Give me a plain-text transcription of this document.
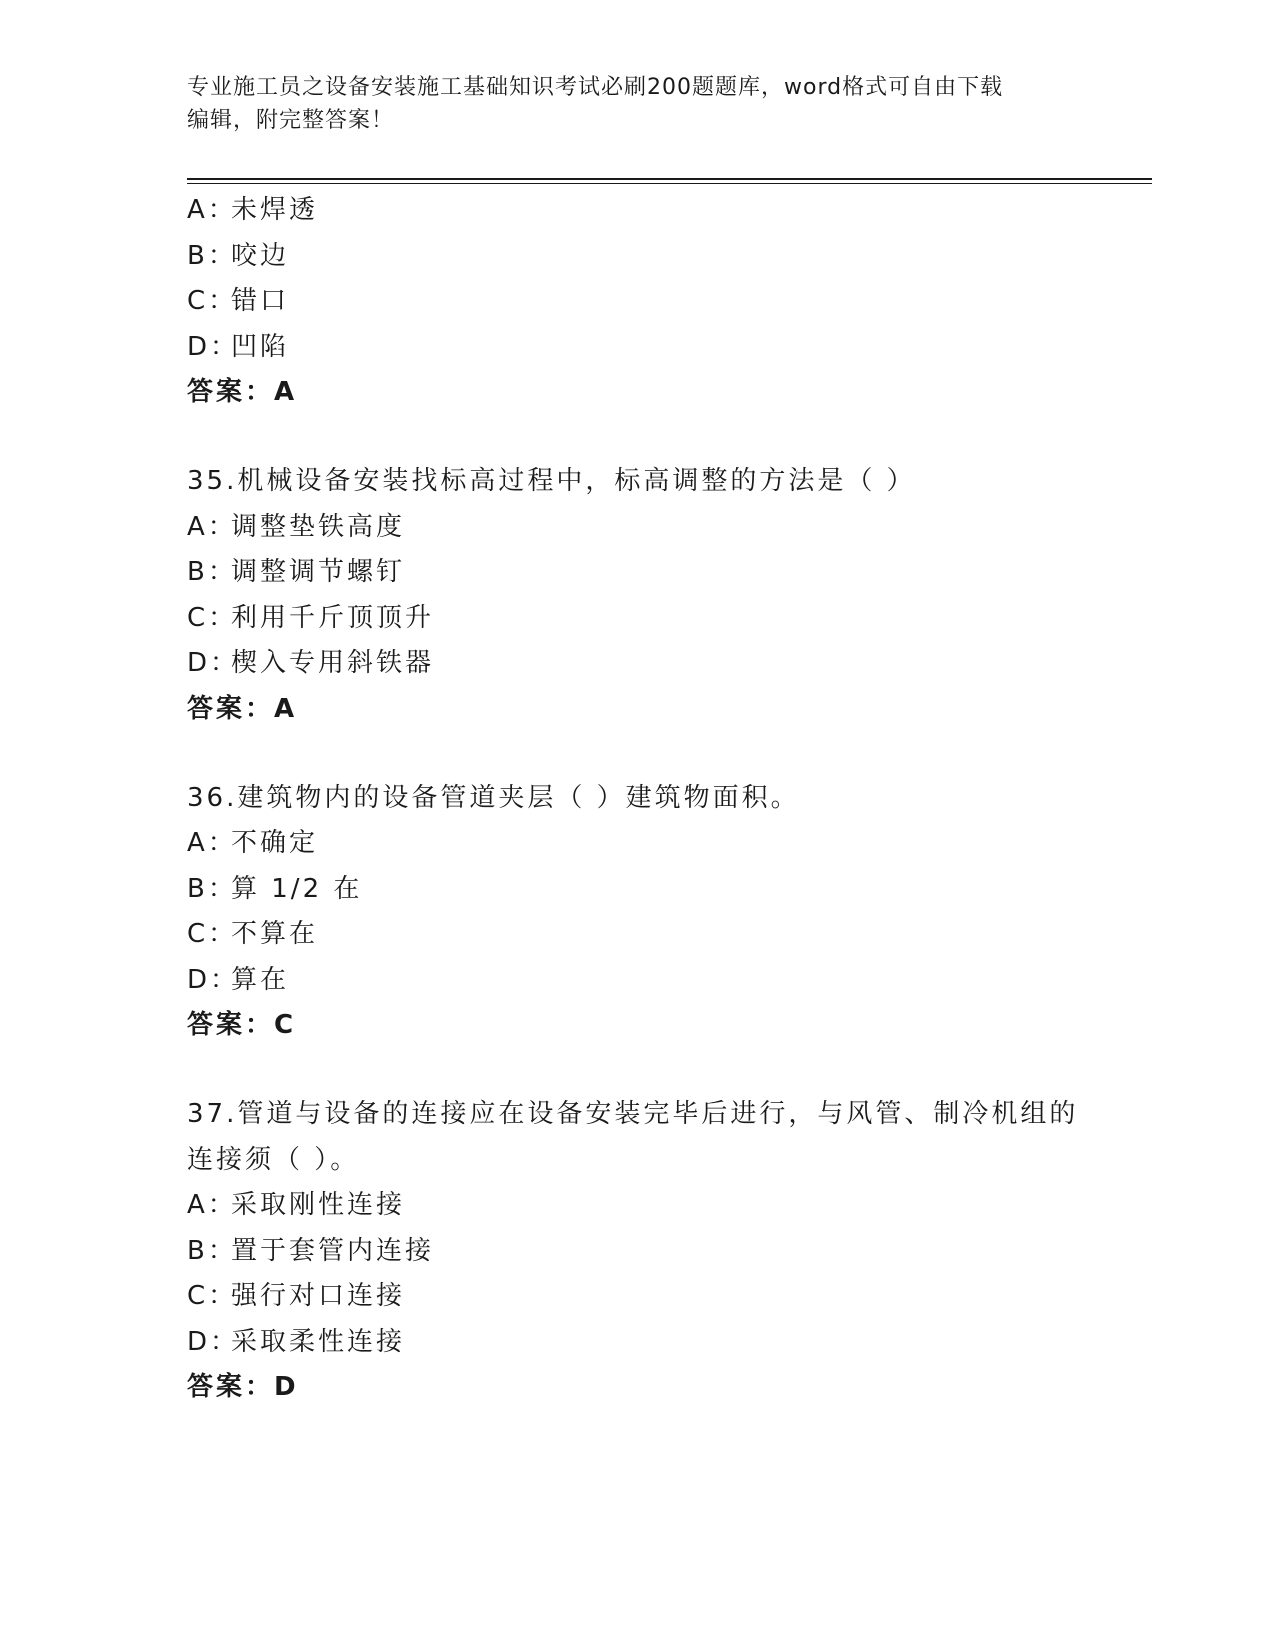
专业施工员之设备安装施工基础知识考试必刷200题题库，word格式可自由下载
编辑，附完整答案！
A：未焊透
B：咬边
C：错口
D：凹陷
答案：A
35.机械设备安装找标高过程中，标高调整的方法是（ ）
A：调整垫铁高度
B：调整调节螺钉
C：利用千斤顶顶升
D：楔入专用斜铁器
答案：A
36.建筑物内的设备管道夹层（ ）建筑物面积。
A：不确定
B：算 1/2 在
C：不算在
D：算在
答案：C
37.管道与设备的连接应在设备安装完毕后进行，与风管、制冷机组的
连接须（ ）。
A：采取刚性连接
B：置于套管内连接
C：强行对口连接
D：采取柔性连接
答案：D
